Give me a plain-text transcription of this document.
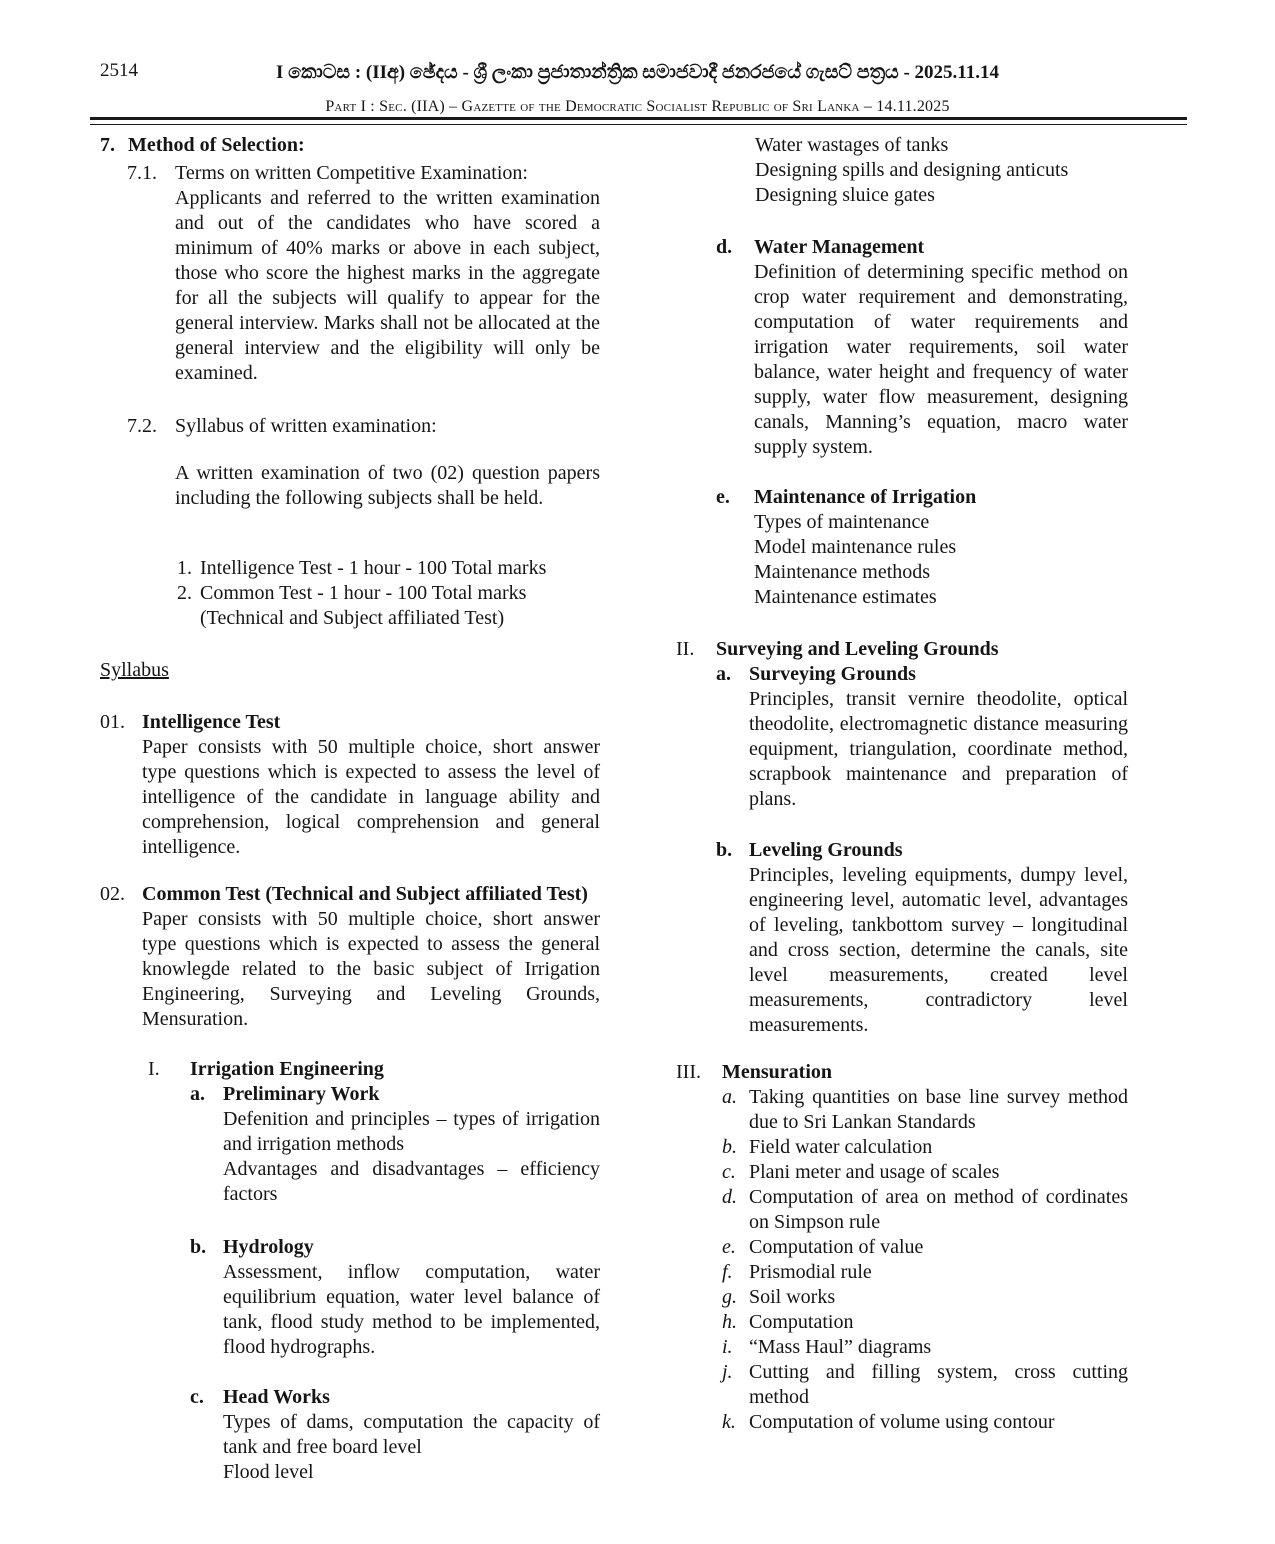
2514	I කොටස : (IIඅ) ඡේදය - ශ්‍රී ලංකා ප්‍රජාතාන්ත්‍රික සමාජවාදී ජනරජයේ ගැසට් පත්‍රය - 2025.11.14
Part I : Sec. (IIA) – Gazette of the Democratic Socialist Republic of Sri Lanka – 14.11.2025
7. Method of Selection:
7.1. Terms on written Competitive Examination:
Applicants and referred to the written examination and out of the candidates who have scored a minimum of 40% marks or above in each subject, those who score the highest marks in the aggregate for all the subjects will qualify to appear for the general interview. Marks shall not be allocated at the general interview and the eligibility will only be examined.
7.2. Syllabus of written examination:
A written examination of two (02) question papers including the following subjects shall be held.
1. Intelligence Test - 1 hour - 100 Total marks
2. Common Test - 1 hour - 100 Total marks
(Technical and Subject affiliated Test)
Syllabus
01. Intelligence Test
Paper consists with 50 multiple choice, short answer type questions which is expected to assess the level of intelligence of the candidate in language ability and comprehension, logical comprehension and general intelligence.
02. Common Test (Technical and Subject affiliated Test)
Paper consists with 50 multiple choice, short answer type questions which is expected to assess the general knowlegde related to the basic subject of Irrigation Engineering, Surveying and Leveling Grounds, Mensuration.
I.	Irrigation Engineering
a. Preliminary Work
Defenition and principles – types of irrigation and irrigation methods
Advantages and disadvantages – efficiency factors
b. Hydrology
Assessment, inflow computation, water equilibrium equation, water level balance of tank, flood study method to be implemented, flood hydrographs.
c. Head Works
Types of dams, computation the capacity of tank and free board level
Flood level
Water wastages of tanks
Designing spills and designing anticuts
Designing sluice gates
d.	Water Management
Definition of determining specific method on crop water requirement and demonstrating, computation of water requirements and irrigation water requirements, soil water balance, water height and frequency of water supply, water flow measurement, designing canals, Manning’s equation, macro water supply system.
e.	Maintenance of Irrigation
Types of maintenance
Model maintenance rules
Maintenance methods
Maintenance estimates
II.	Surveying and Leveling Grounds
a. Surveying Grounds
Principles, transit vernire theodolite, optical theodolite, electromagnetic distance measuring equipment, triangulation, coordinate method, scrapbook maintenance and preparation of plans.
b. Leveling Grounds
Principles, leveling equipments, dumpy level, engineering level, automatic level, advantages of leveling, tankbottom survey – longitudinal and cross section, determine the canals, site level measurements, created level measurements, contradictory level measurements.
III.	Mensuration
a. Taking quantities on base line survey method due to Sri Lankan Standards
b. Field water calculation
c. Plani meter and usage of scales
d. Computation of area on method of cordinates on Simpson rule
e. Computation of value
f. Prismodial rule
g. Soil works
h. Computation
i. “Mass Haul” diagrams
j. Cutting and filling system, cross cutting method
k. Computation of volume using contour
